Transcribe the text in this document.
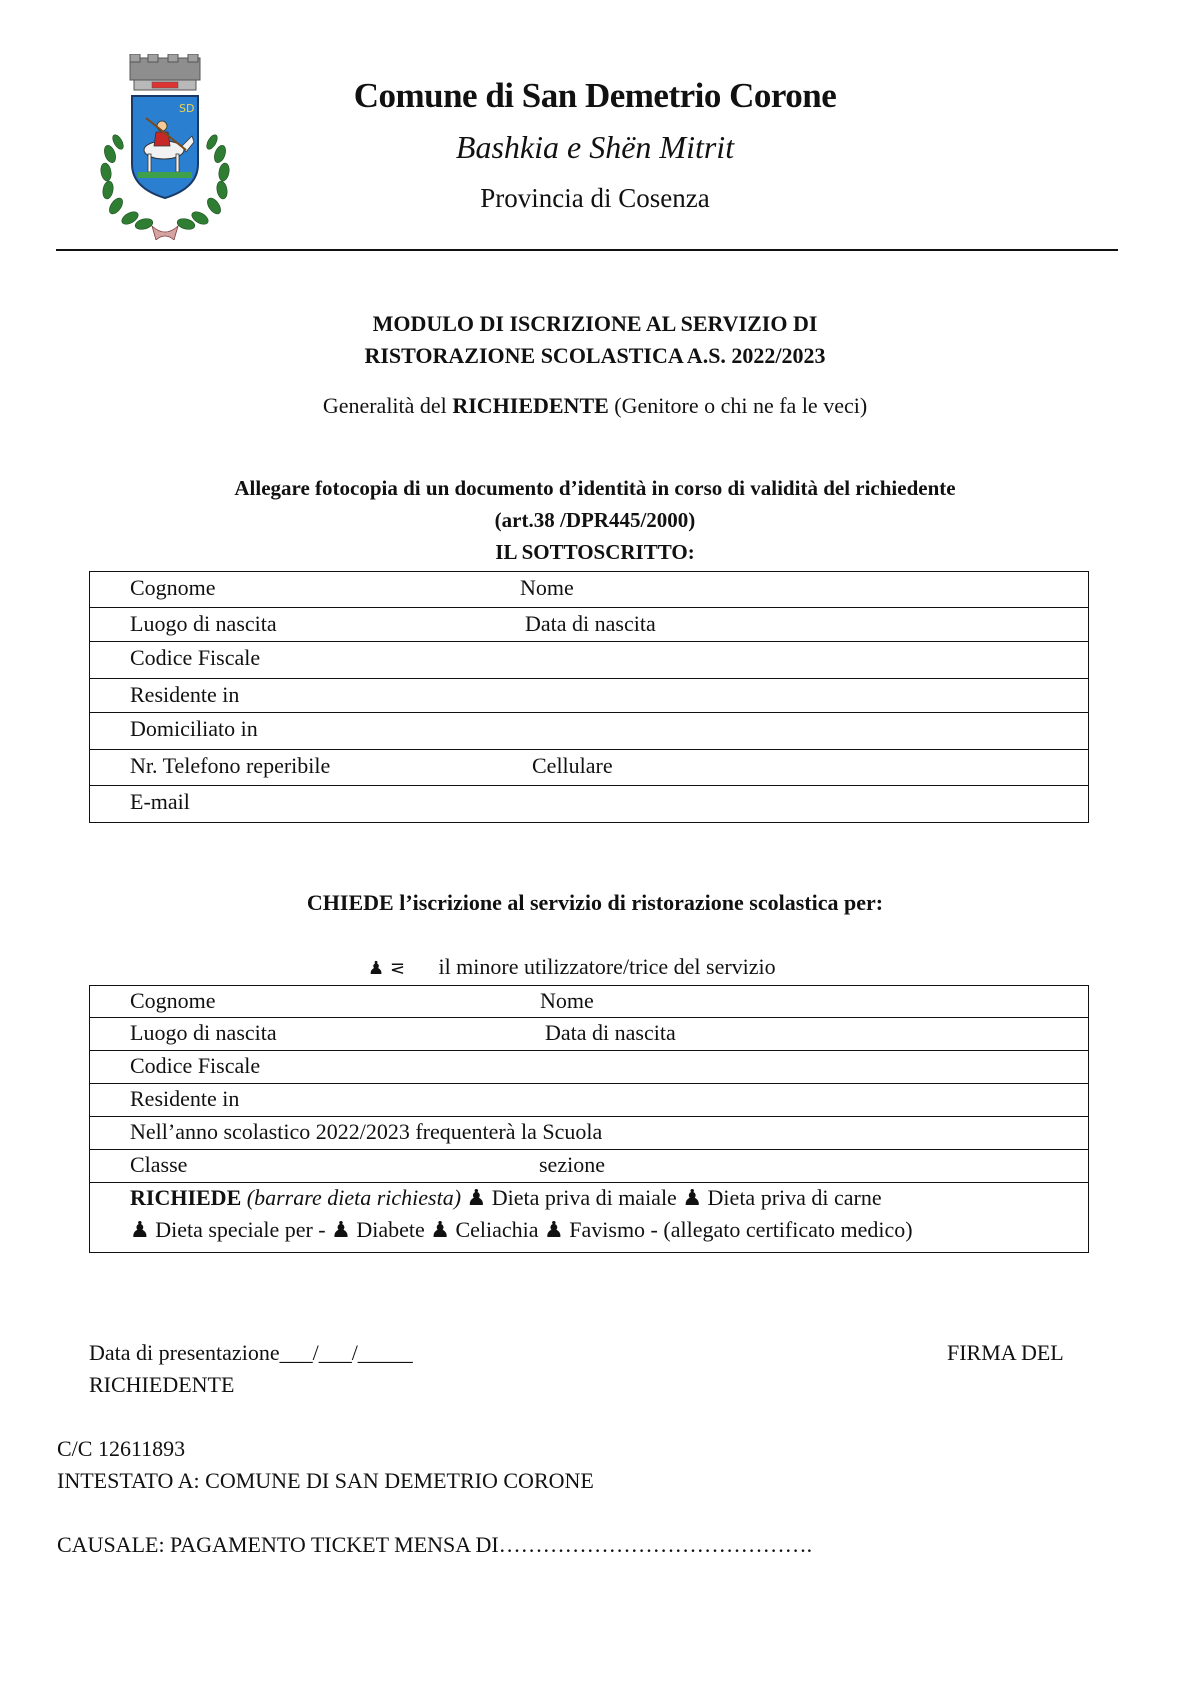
SD	Comune di San Demetrio Corone
Bashkia e Shën Mitrit
Provincia di Cosenza
MODULO DI ISCRIZIONE AL SERVIZIO DI
RISTORAZIONE SCOLASTICA A.S. 2022/2023
Generalità del RICHIEDENTE (Genitore o chi ne fa le veci)
Allegare fotocopia di un documento d’identità in corso di validità del richiedente
(art.38 /DPR445/2000)
IL SOTTOSCRITTO:
Cognome	Nome
Luogo di nascita	Data di nascita
Codice Fiscale
Residente in
Domiciliato in
Nr. Telefono reperibile	Cellulare
E-mail
CHIEDE l’iscrizione al servizio di ristorazione scolastica per:
♟ ⋜ il minore utilizzatore/trice del servizio
Cognome	Nome
Luogo di nascita	Data di nascita
Codice Fiscale
Residente in
Nell’anno scolastico 2022/2023 frequenterà la Scuola
Classe	sezione
RICHIEDE (barrare dieta richiesta) ♟ Dieta priva di maiale ♟ Dieta priva di carne
♟ Dieta speciale per - ♟ Diabete ♟ Celiachia ♟ Favismo - (allegato certificato medico)
Data di presentazione___/___/_____	FIRMA DEL
RICHIEDENTE
C/C 12611893
INTESTATO A: COMUNE DI SAN DEMETRIO CORONE
CAUSALE: PAGAMENTO TICKET MENSA DI…………………………………….
